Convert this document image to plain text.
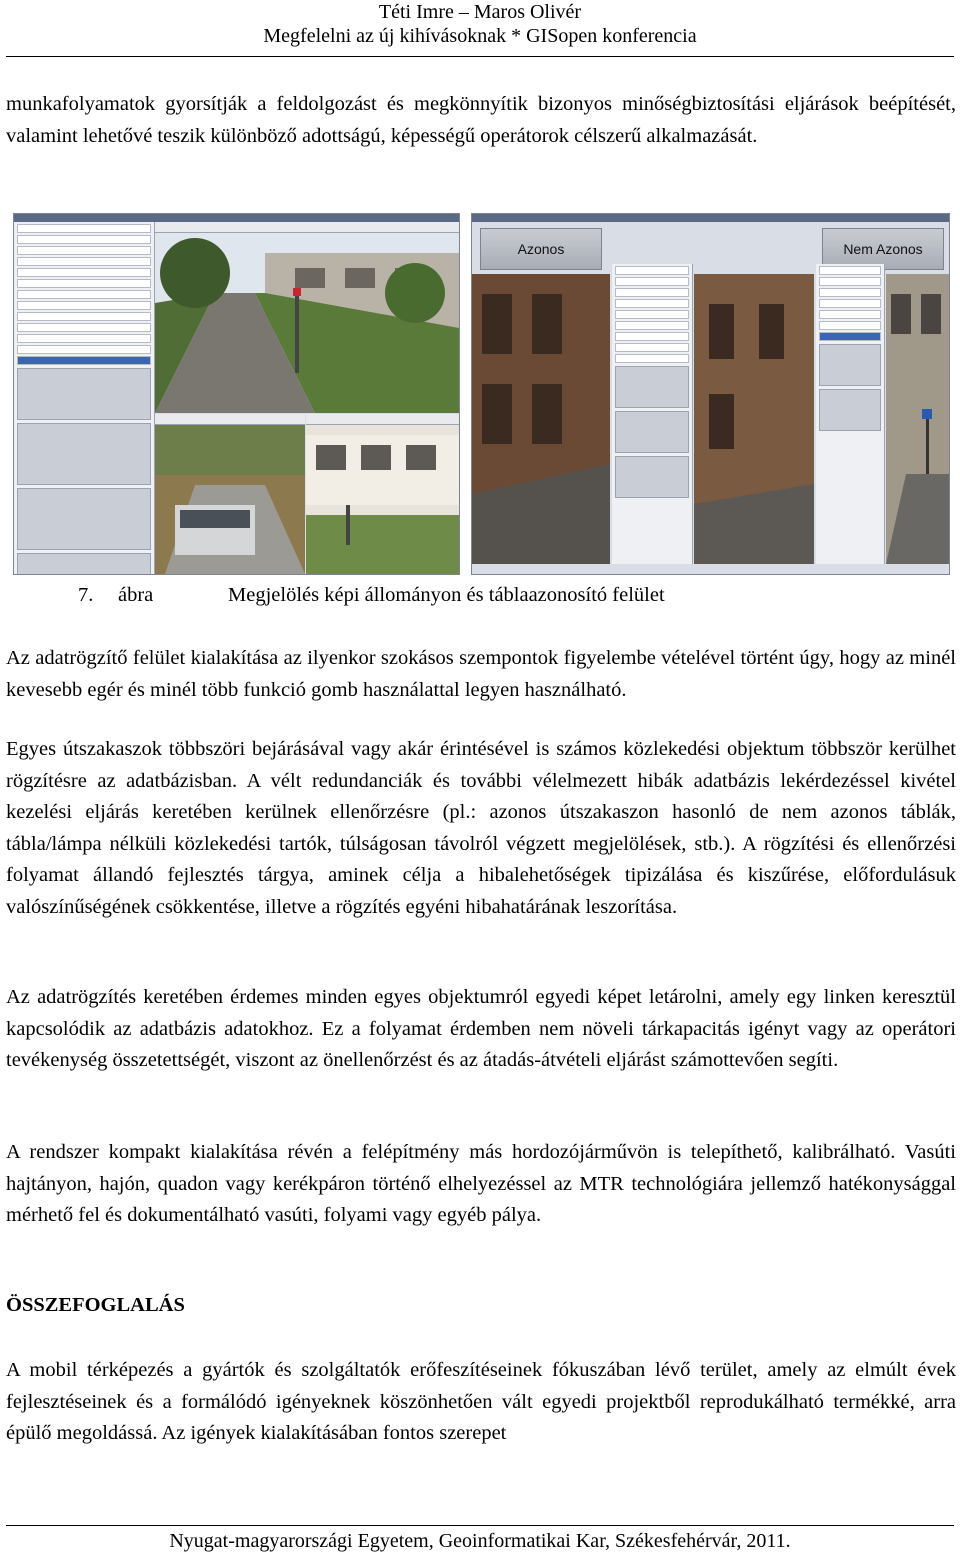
Téti Imre – Maros Olivér
Megfelelni az új kihívásoknak * GISopen konferencia
munkafolyamatok gyorsítják a feldolgozást és megkönnyítik bizonyos minőségbiztosítási eljárások beépítését, valamint lehetővé teszik különböző adottságú, képességű operátorok célszerű alkalmazását.
Azonos	Nem Azonos
7. ábra	Megjelölés képi állományon és táblaazonosító felület
Az adatrögzítő felület kialakítása az ilyenkor szokásos szempontok figyelembe vételével történt úgy, hogy az minél kevesebb egér és minél több funkció gomb használattal legyen használható.
Egyes útszakaszok többszöri bejárásával vagy akár érintésével is számos közlekedési objektum többször kerülhet rögzítésre az adatbázisban. A vélt redundanciák és további vélelmezett hibák adatbázis lekérdezéssel kivétel kezelési eljárás keretében kerülnek ellenőrzésre (pl.: azonos útszakaszon hasonló de nem azonos táblák, tábla/lámpa nélküli közlekedési tartók, túlságosan távolról végzett megjelölések, stb.). A rögzítési és ellenőrzési folyamat állandó fejlesztés tárgya, aminek célja a hibalehetőségek tipizálása és kiszűrése, előfordulásuk valószínűségének csökkentése, illetve a rögzítés egyéni hibahatárának leszorítása.
Az adatrögzítés keretében érdemes minden egyes objektumról egyedi képet letárolni, amely egy linken keresztül kapcsolódik az adatbázis adatokhoz. Ez a folyamat érdemben nem növeli tárkapacitás igényt vagy az operátori tevékenység összetettségét, viszont az önellenőrzést és az átadás-átvételi eljárást számottevően segíti.
A rendszer kompakt kialakítása révén a felépítmény más hordozójárművön is telepíthető, kalibrálható. Vasúti hajtányon, hajón, quadon vagy kerékpáron történő elhelyezéssel az MTR technológiára jellemző hatékonysággal mérhető fel és dokumentálható vasúti, folyami vagy egyéb pálya.
ÖSSZEFOGLALÁS
A mobil térképezés a gyártók és szolgáltatók erőfeszítéseinek fókuszában lévő terület, amely az elmúlt évek fejlesztéseinek és a formálódó igényeknek köszönhetően vált egyedi projektből reprodukálható termékké, arra épülő megoldássá. Az igények kialakításában fontos szerepet
Nyugat-magyarországi Egyetem, Geoinformatikai Kar, Székesfehérvár, 2011.
